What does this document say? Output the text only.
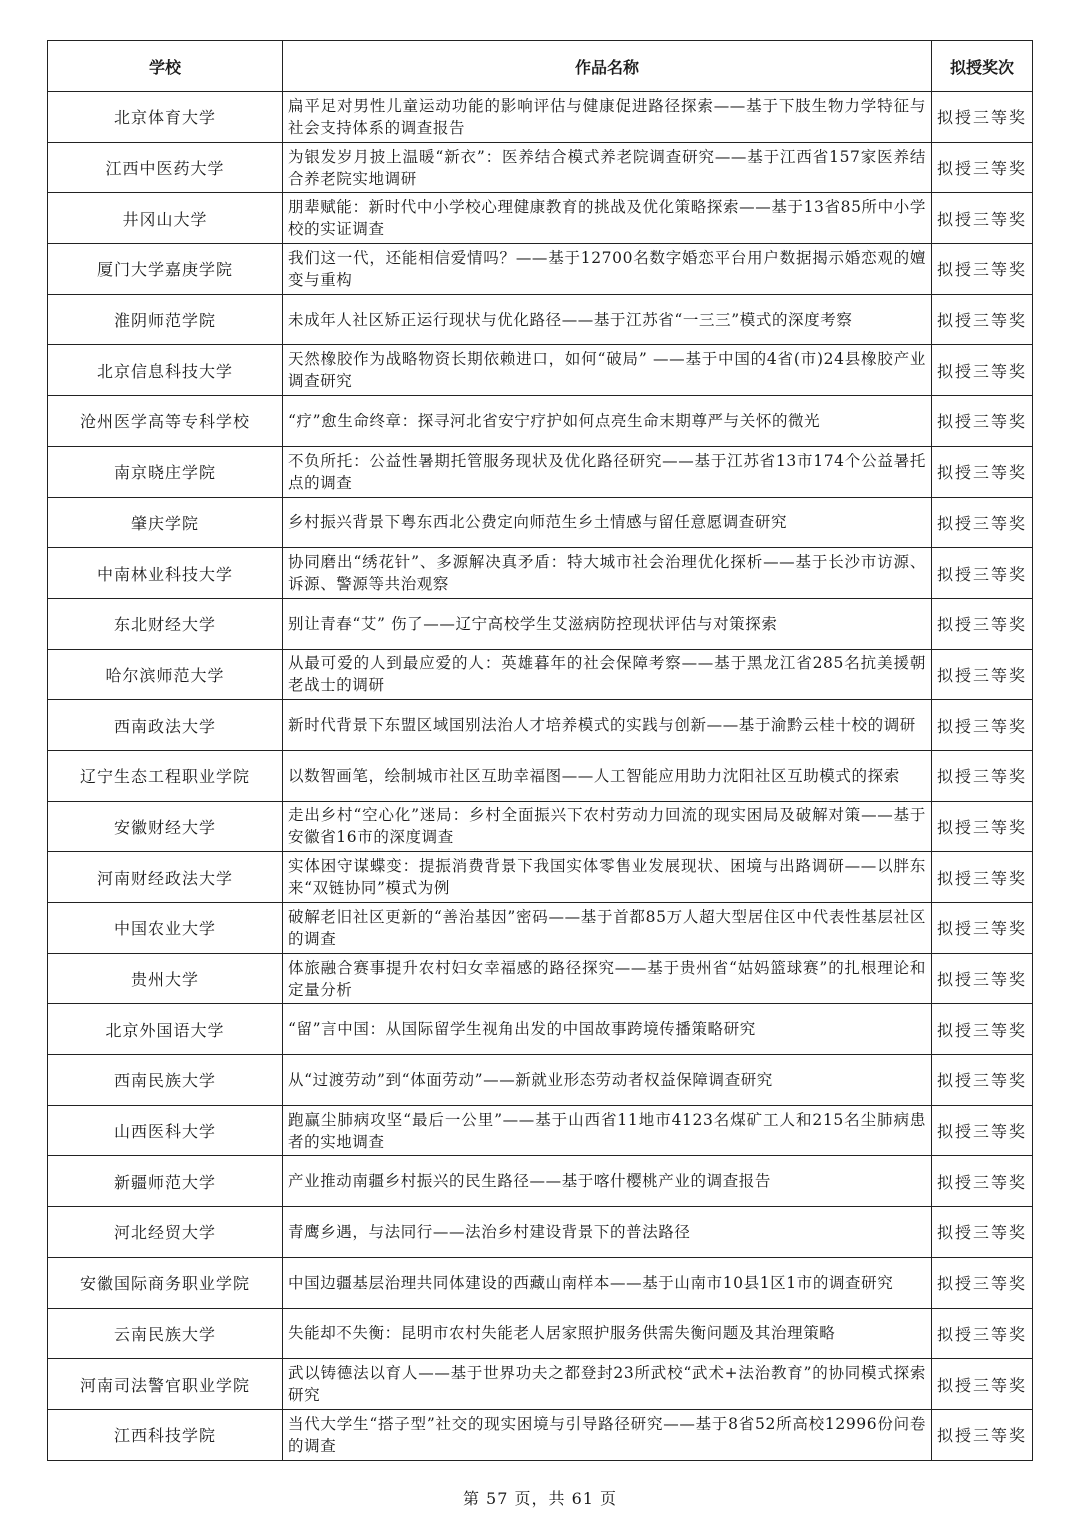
学校	作品名称	拟授奖次
北京体育大学	扁平足对男性儿童运动功能的影响评估与健康促进路径探索——基于下肢生物力学特征与社会支持体系的调查报告	拟授三等奖
江西中医药大学	为银发岁月披上温暖“新衣”：医养结合模式养老院调查研究——基于江西省157家医养结合养老院实地调研	拟授三等奖
井冈山大学	朋辈赋能：新时代中小学校心理健康教育的挑战及优化策略探索——基于13省85所中小学校的实证调查	拟授三等奖
厦门大学嘉庚学院	我们这一代，还能相信爱情吗？——基于12700名数字婚恋平台用户数据揭示婚恋观的嬗变与重构	拟授三等奖
淮阴师范学院	未成年人社区矫正运行现状与优化路径——基于江苏省“一三三”模式的深度考察	拟授三等奖
北京信息科技大学	天然橡胶作为战略物资长期依赖进口，如何“破局” ——基于中国的4省(市)24县橡胶产业调查研究	拟授三等奖
沧州医学高等专科学校	“疗”愈生命终章：探寻河北省安宁疗护如何点亮生命末期尊严与关怀的微光	拟授三等奖
南京晓庄学院	不负所托：公益性暑期托管服务现状及优化路径研究——基于江苏省13市174个公益暑托点的调查	拟授三等奖
肇庆学院	乡村振兴背景下粤东西北公费定向师范生乡土情感与留任意愿调查研究	拟授三等奖
中南林业科技大学	协同磨出“绣花针”、多源解决真矛盾：特大城市社会治理优化探析——基于长沙市访源、诉源、警源等共治观察	拟授三等奖
东北财经大学	别让青春“艾” 伤了——辽宁高校学生艾滋病防控现状评估与对策探索	拟授三等奖
哈尔滨师范大学	从最可爱的人到最应爱的人：英雄暮年的社会保障考察——基于黑龙江省285名抗美援朝老战士的调研	拟授三等奖
西南政法大学	新时代背景下东盟区域国别法治人才培养模式的实践与创新——基于渝黔云桂十校的调研	拟授三等奖
辽宁生态工程职业学院	以数智画笔，绘制城市社区互助幸福图——人工智能应用助力沈阳社区互助模式的探索	拟授三等奖
安徽财经大学	走出乡村“空心化”迷局：乡村全面振兴下农村劳动力回流的现实困局及破解对策——基于安徽省16市的深度调查	拟授三等奖
河南财经政法大学	实体困守谋蝶变：提振消费背景下我国实体零售业发展现状、困境与出路调研——以胖东来“双链协同”模式为例	拟授三等奖
中国农业大学	破解老旧社区更新的“善治基因”密码——基于首都85万人超大型居住区中代表性基层社区的调查	拟授三等奖
贵州大学	体旅融合赛事提升农村妇女幸福感的路径探究——基于贵州省“姑妈篮球赛”的扎根理论和定量分析	拟授三等奖
北京外国语大学	“留”言中国：从国际留学生视角出发的中国故事跨境传播策略研究	拟授三等奖
西南民族大学	从“过渡劳动”到“体面劳动”——新就业形态劳动者权益保障调查研究	拟授三等奖
山西医科大学	跑赢尘肺病攻坚“最后一公里”——基于山西省11地市4123名煤矿工人和215名尘肺病患者的实地调查	拟授三等奖
新疆师范大学	产业推动南疆乡村振兴的民生路径——基于喀什樱桃产业的调查报告	拟授三等奖
河北经贸大学	青鹰乡遇，与法同行——法治乡村建设背景下的普法路径	拟授三等奖
安徽国际商务职业学院	中国边疆基层治理共同体建设的西藏山南样本——基于山南市10县1区1市的调查研究	拟授三等奖
云南民族大学	失能却不失衡：昆明市农村失能老人居家照护服务供需失衡问题及其治理策略	拟授三等奖
河南司法警官职业学院	武以铸德法以育人——基于世界功夫之都登封23所武校“武术+法治教育”的协同模式探索研究	拟授三等奖
江西科技学院	当代大学生“搭子型”社交的现实困境与引导路径研究——基于8省52所高校12996份问卷的调查	拟授三等奖
第 57 页，共 61 页
